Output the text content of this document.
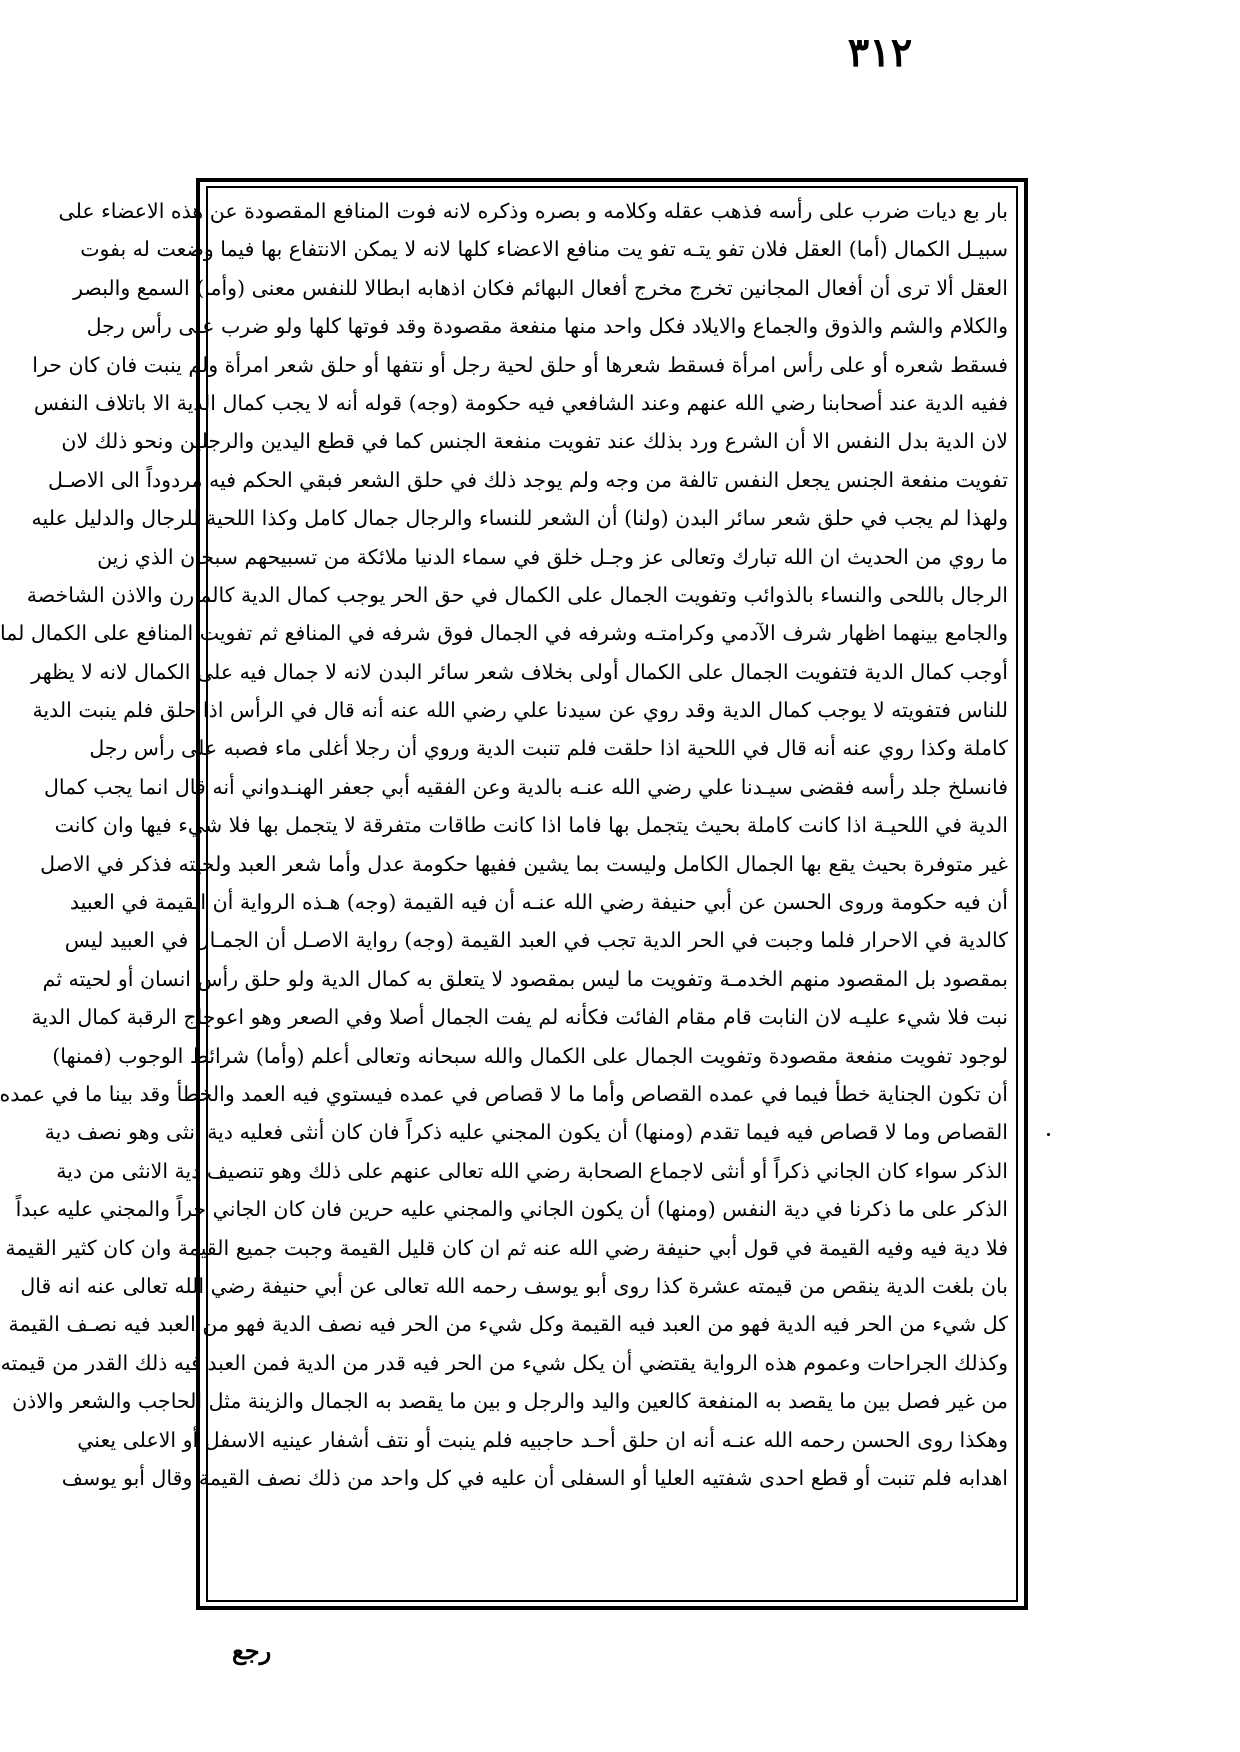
٣١٢
بار بع ديات ضرب على رأسه فذهب عقله وكلامه و بصره وذكره لانه فوت المنافع المقصودة عن هذه الاعضاء على
سبيـل الكمال (أما) العقل فلان تفو يتـه تفو يت منافع الاعضاء كلها لانه لا يمكن الانتفاع بها فيما وضعت له بفوت
العقل ألا ترى أن أفعال المجانين تخرج مخرج أفعال البهائم فكان اذهابه ابطالا للنفس معنى (وأما) السمع والبصر
والكلام والشم والذوق والجماع والايلاد فكل واحد منها منفعة مقصودة وقد فوتها كلها ولو ضرب على رأس رجل
فسقط شعره أو على رأس امرأة فسقط شعرها أو حلق لحية رجل أو نتفها أو حلق شعر امرأة ولم ينبت فان كان حرا
ففيه الدية عند أصحابنا رضي الله عنهم وعند الشافعي فيه حكومة (وجه) قوله أنه لا يجب كمال الدية الا باتلاف النفس
لان الدية بدل النفس الا أن الشرع ورد بذلك عند تفويت منفعة الجنس كما في قطع اليدين والرجلين ونحو ذلك لان
تفويت منفعة الجنس يجعل النفس تالفة من وجه ولم يوجد ذلك في حلق الشعر فبقي الحكم فيه مردوداً الى الاصـل
ولهذا لم يجب في حلق شعر سائر البدن (ولنا) أن الشعر للنساء والرجال جمال كامل وكذا اللحية للرجال والدليل عليه
ما روي من الحديث ان الله تبارك وتعالى عز وجـل خلق في سماء الدنيا ملائكة من تسبيحهم سبحان الذي زين
الرجال باللحى والنساء بالذوائب وتفويت الجمال على الكمال في حق الحر يوجب كمال الدية كالمارن والاذن الشاخصة
والجامع بينهما اظهار شرف الآدمي وكرامتـه وشرفه في الجمال فوق شرفه في المنافع ثم تفويت المنافع على الكمال لما
أوجب كمال الدية فتفويت الجمال على الكمال أولى بخلاف شعر سائر البدن لانه لا جمال فيه على الكمال لانه لا يظهر
للناس فتفويته لا يوجب كمال الدية وقد روي عن سيدنا علي رضي الله عنه أنه قال في الرأس اذا حلق فلم ينبت الدية
كاملة وكذا روي عنه أنه قال في اللحية اذا حلقت فلم تنبت الدية وروي أن رجلا أغلى ماء فصبه على رأس رجل
فانسلخ جلد رأسه فقضى سيـدنا علي رضي الله عنـه بالدية وعن الفقيه أبي جعفر الهنـدواني أنه قال انما يجب كمال
الدية في اللحيـة اذا كانت كاملة بحيث يتجمل بها فاما اذا كانت طاقات متفرقة لا يتجمل بها فلا شيء فيها وان كانت
غير متوفرة بحيث يقع بها الجمال الكامل وليست بما يشين ففيها حكومة عدل وأما شعر العبد ولحيته فذكر في الاصل
أن فيه حكومة وروى الحسن عن أبي حنيفة رضي الله عنـه أن فيه القيمة (وجه) هـذه الرواية أن القيمة في العبيد
كالدية في الاحرار فلما وجبت في الحر الدية تجب في العبد القيمة (وجه) رواية الاصـل أن الجمـال في العبيد ليس
بمقصود بل المقصود منهم الخدمـة وتفويت ما ليس بمقصود لا يتعلق به كمال الدية ولو حلق رأس انسان أو لحيته ثم
نبت فلا شيء عليـه لان النابت قام مقام الفائت فكأنه لم يفت الجمال أصلا وفي الصعر وهو اعوجاج الرقبة كمال الدية
لوجود تفويت منفعة مقصودة وتفويت الجمال على الكمال والله سبحانه وتعالى أعلم (وأما) شرائط الوجوب (فمنها)
أن تكون الجناية خطأ فيما في عمده القصاص وأما ما لا قصاص في عمده فيستوي فيه العمد والخطأ وقد بينا ما في عمده
القصاص وما لا قصاص فيه فيما تقدم (ومنها) أن يكون المجني عليه ذكراً فان كان أنثى فعليه دية أنثى وهو نصف دية
الذكر سواء كان الجاني ذكراً أو أنثى لاجماع الصحابة رضي الله تعالى عنهم على ذلك وهو تنصيف دية الانثى من دية
الذكر على ما ذكرنا في دية النفس (ومنها) أن يكون الجاني والمجني عليه حرين فان كان الجاني حراً والمجني عليه عبداً
فلا دية فيه وفيه القيمة في قول أبي حنيفة رضي الله عنه ثم ان كان قليل القيمة وجبت جميع القيمة وان كان كثير القيمة
بان بلغت الدية ينقص من قيمته عشرة كذا روى أبو يوسف رحمه الله تعالى عن أبي حنيفة رضي الله تعالى عنه انه قال
كل شيء من الحر فيه الدية فهو من العبد فيه القيمة وكل شيء من الحر فيه نصف الدية فهو من العبد فيه نصـف القيمة
وكذلك الجراحات وعموم هذه الرواية يقتضي أن يكل شيء من الحر فيه قدر من الدية فمن العبد فيه ذلك القدر من قيمته
من غير فصل بين ما يقصد به المنفعة كالعين واليد والرجل و بين ما يقصد به الجمال والزينة مثل الحاجب والشعر والاذن
وهكذا روى الحسن رحمه الله عنـه أنه ان حلق أحـد حاجبيه فلم ينبت أو نتف أشفار عينيه الاسفل أو الاعلى يعني
اهدابه فلم تنبت أو قطع احدى شفتيه العليا أو السفلى أن عليه في كل واحد من ذلك نصف القيمة وقال أبو يوسف
رجع
